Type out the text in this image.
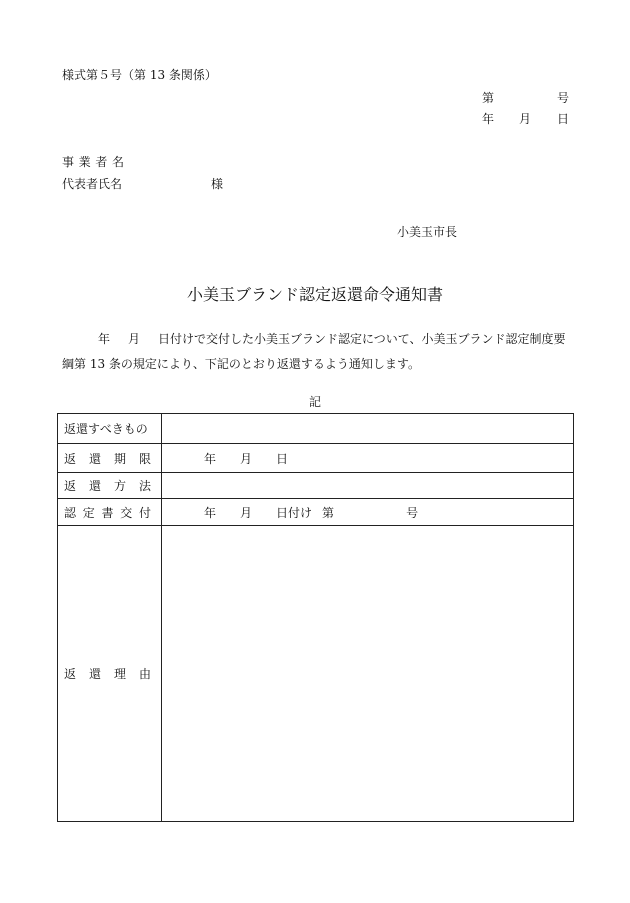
様式第５号（第 13 条関係）
第	号
年 月 日
事 業 者 名
代表者氏名	様
小美玉市長
小美玉ブランド認定返還命令通知書
年 月 日付けで交付した小美玉ブランド認定について、小美玉ブランド認定制度要綱第 13 条の規定により、下記のとおり返還するよう通知します。
記
返還すべきもの	

返 還 期 限	年 月 日

返 還 方 法	

認 定 書 交 付	年 月 日付け 第 号

返 還 理 由	
